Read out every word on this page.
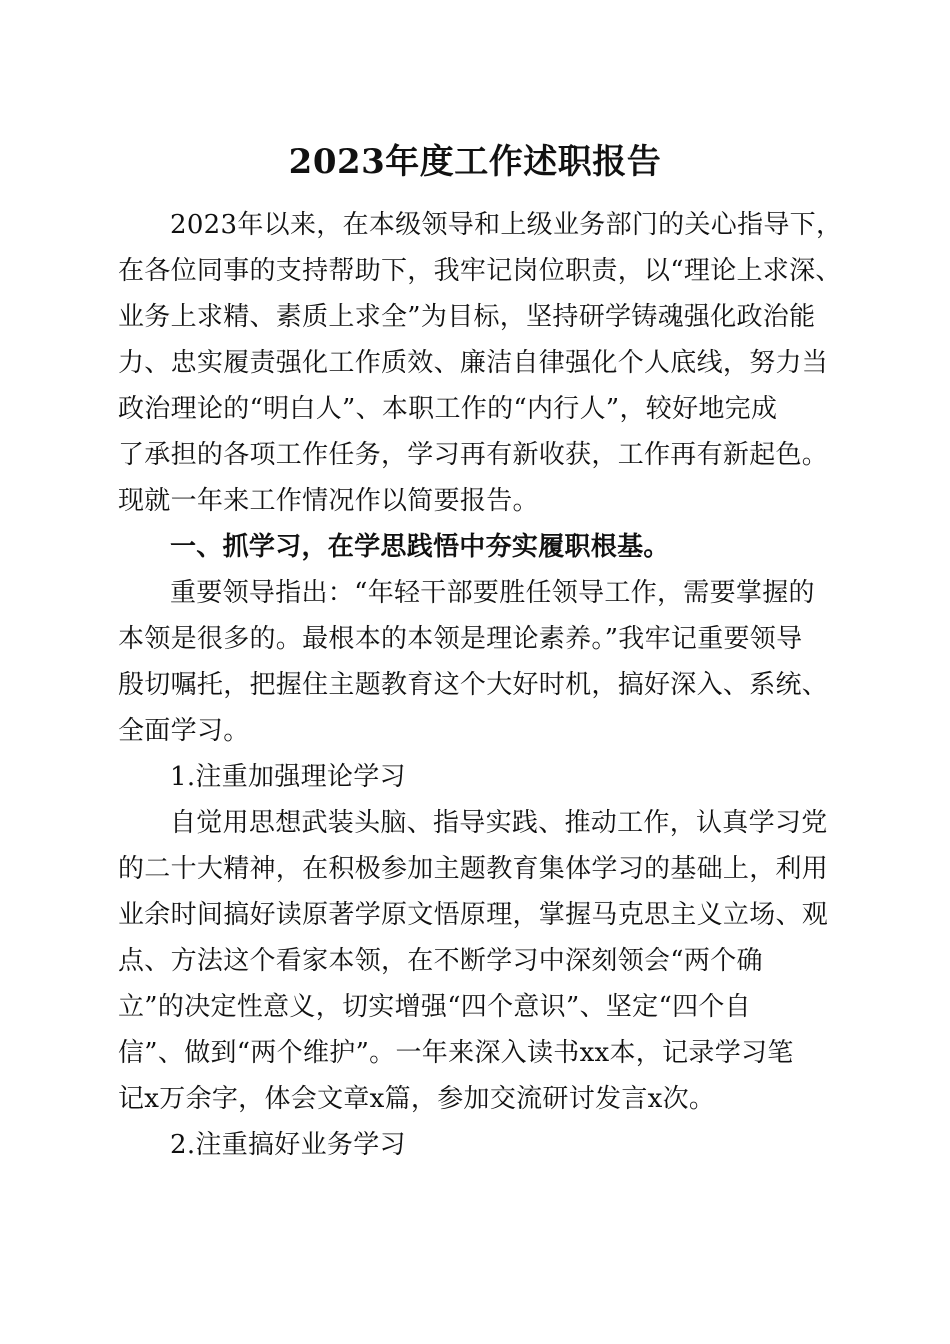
2023年度工作述职报告
2023年以来，在本级领导和上级业务部门的关心指导下，
在各位同事的支持帮助下，我牢记岗位职责，以“理论上求深、
业务上求精、素质上求全”为目标，坚持研学铸魂强化政治能
力、忠实履责强化工作质效、廉洁自律强化个人底线，努力当
政治理论的“明白人”、本职工作的“内行人”，较好地完成
了承担的各项工作任务，学习再有新收获，工作再有新起色。
现就一年来工作情况作以简要报告。
一、抓学习，在学思践悟中夯实履职根基。
重要领导指出：“年轻干部要胜任领导工作，需要掌握的
本领是很多的。最根本的本领是理论素养。”我牢记重要领导
殷切嘱托，把握住主题教育这个大好时机，搞好深入、系统、
全面学习。
1.注重加强理论学习
自觉用思想武装头脑、指导实践、推动工作，认真学习党
的二十大精神，在积极参加主题教育集体学习的基础上，利用
业余时间搞好读原著学原文悟原理，掌握马克思主义立场、观
点、方法这个看家本领，在不断学习中深刻领会“两个确
立”的决定性意义，切实增强“四个意识”、坚定“四个自
信”、做到“两个维护”。一年来深入读书xx本，记录学习笔
记x万余字，体会文章x篇，参加交流研讨发言x次。
2.注重搞好业务学习
